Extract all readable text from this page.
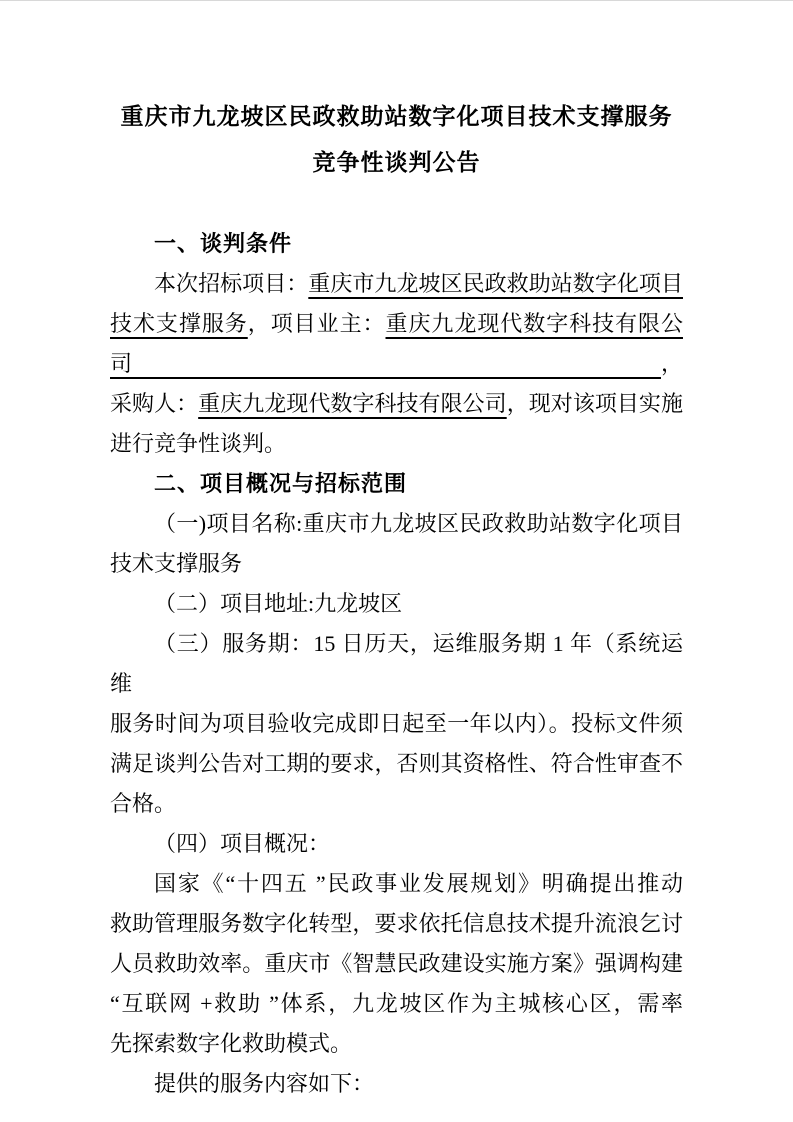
重庆市九龙坡区民政救助站数字化项目技术支撑服务
竞争性谈判公告
一、谈判条件
本次招标项目：重庆市九龙坡区民政救助站数字化项目
技术支撑服务，项目业主：重庆九龙现代数字科技有限公司，
采购人：重庆九龙现代数字科技有限公司，现对该项目实施
进行竞争性谈判。
二、项目概况与招标范围
（一)项目名称:重庆市九龙坡区民政救助站数字化项目
技术支撑服务
（二）项目地址:九龙坡区
（三）服务期：15 日历天，运维服务期 1 年（系统运维
服务时间为项目验收完成即日起至一年以内）。投标文件须
满足谈判公告对工期的要求，否则其资格性、符合性审查不
合格。
（四）项目概况：
国家《“十四五 ”民政事业发展规划》明确提出推动
救助管理服务数字化转型，要求依托信息技术提升流浪乞讨
人员救助效率。重庆市《智慧民政建设实施方案》强调构建
“互联网 +救助 ”体系，九龙坡区作为主城核心区，需率
先探索数字化救助模式。
提供的服务内容如下：
